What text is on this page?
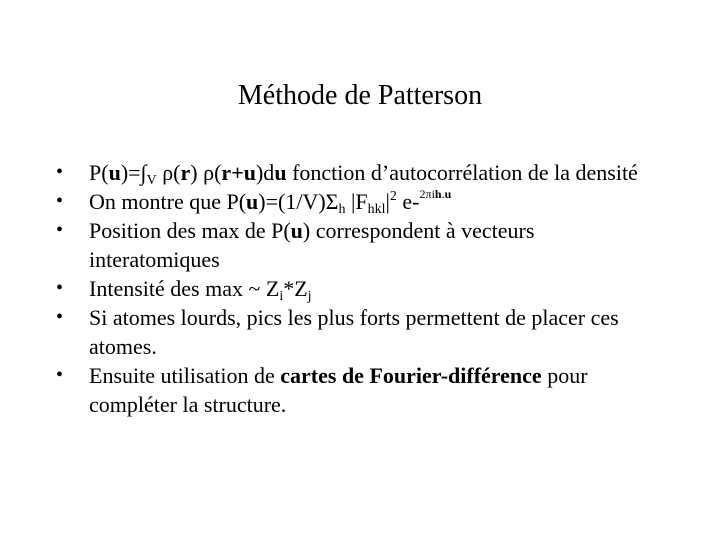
Méthode de Patterson
• $P(u)=\int_V$ ρ(r) ρ(r+u)du fonction d’autocorrélation de la densité
• On montre que $P(u)=(1/V)\Sigma_h$ $|F_{hkl}|^2$ e-$^{2\pi ih.u}$
• Position des max de P(u) correspondent à vecteurs interatomiques
• Intensité des max ~ $Z_i*Z_j$
• Si atomes lourds, pics les plus forts permettent de placer ces atomes.
• Ensuite utilisation de cartes de Fourier-différence pour compléter la structure.
